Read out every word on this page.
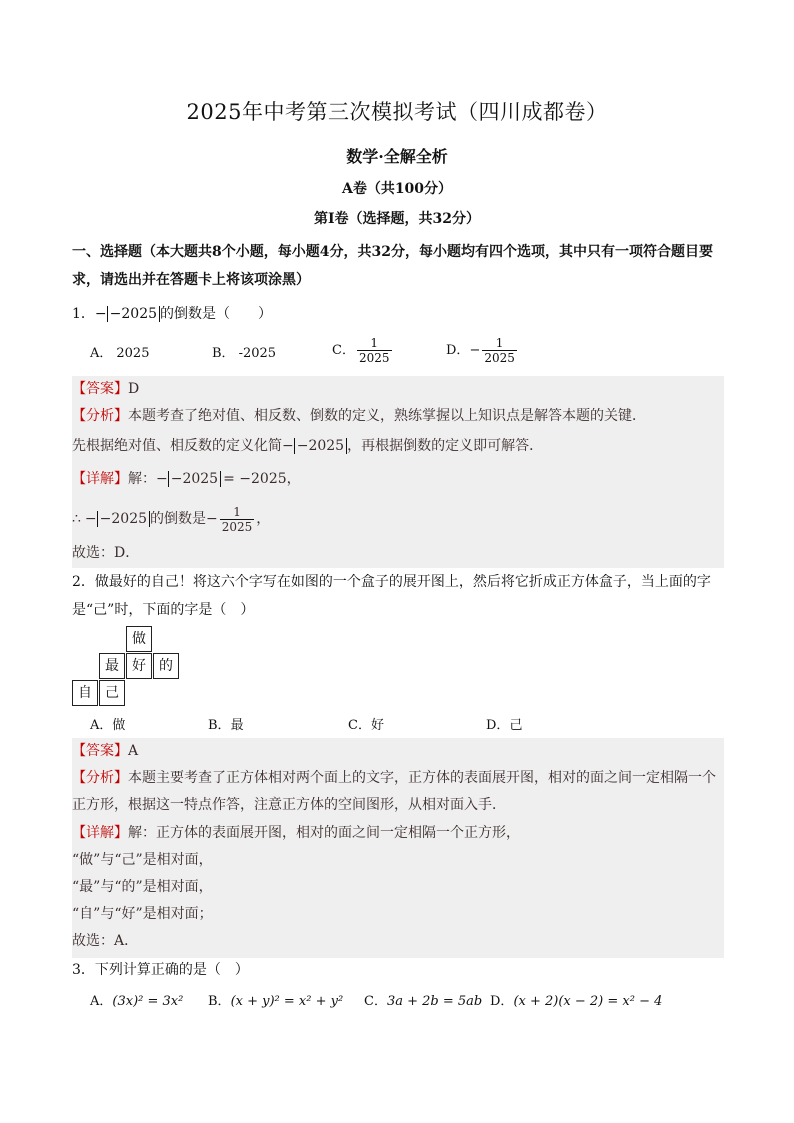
2025年中考第三次模拟考试（四川成都卷）
数学·全解全析
A卷（共100分）
第I卷（选择题，共32分）
一、选择题（本大题共8个小题，每小题4分，共32分，每小题均有四个选项，其中只有一项符合题目要求，请选出并在答题卡上将该项涂黑）
1．− −2025 的倒数是（　　）
A． 2025	B． -2025	C． $\frac{1}{2025}$	D．− $\frac{1}{2025}$
【答案】D
【分析】本题考查了绝对值、相反数、倒数的定义，熟练掌握以上知识点是解答本题的关键．
先根据绝对值、相反数的定义化简− −2025 ，再根据倒数的定义即可解答．
【详解】解：− −2025 = −2025，
∴ − −2025 的倒数是− $\frac{1}{2025}$ ，
故选：D．
2．做最好的自己！将这六个字写在如图的一个盒子的展开图上，然后将它折成正方体盒子，当上面的字是“己”时，下面的字是（　）
做
最 好 的
自 己
A．做	B．最	C．好	D．己
【答案】A
【分析】本题主要考查了正方体相对两个面上的文字，正方体的表面展开图，相对的面之间一定相隔一个正方形，根据这一特点作答，注意正方体的空间图形，从相对面入手．
【详解】解：正方体的表面展开图，相对的面之间一定相隔一个正方形，
“做”与“己”是相对面，
“最”与“的”是相对面，
“自”与“好”是相对面；
故选：A．
3．下列计算正确的是（　）
A．(3x)² = 3x² B．(x + y)² = x² + y² C．3a + 2b = 5ab D．(x + 2)(x − 2) = x² − 4
